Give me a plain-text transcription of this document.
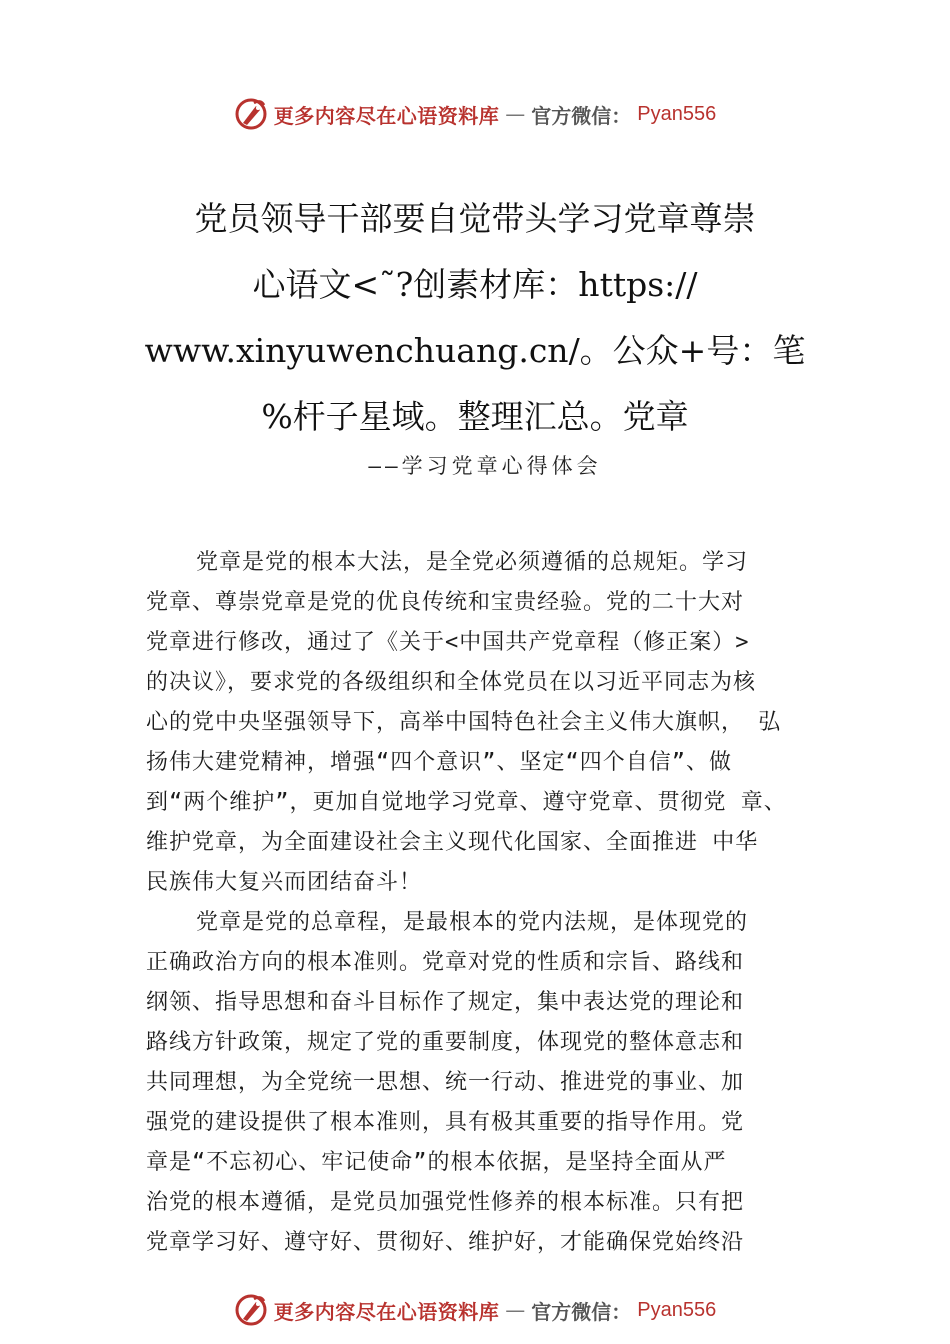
更多内容尽在心语资料库 — 官方微信： Pyan556
党员领导干部要自觉带头学习党章尊崇
心语文<˜?创素材库：https://
www.xinyuwenchuang.cn/。公众+号：笔
%杆子星域。整理汇总。党章
——学习党章心得体会
党章是党的根本大法，是全党必须遵循的总规矩。学习
党章、尊崇党章是党的优良传统和宝贵经验。党的二十大对
党章进行修改，通过了《关于<中国共产党章程（修正案）>
的决议》，要求党的各级组织和全体党员在以习近平同志为核
心的党中央坚强领导下，高举中国特色社会主义伟大旗帜， 弘
扬伟大建党精神，增强“四个意识”、坚定“四个自信”、做
到“两个维护”，更加自觉地学习党章、遵守党章、贯彻党 章、
维护党章，为全面建设社会主义现代化国家、全面推进 中华
民族伟大复兴而团结奋斗！
党章是党的总章程，是最根本的党内法规，是体现党的
正确政治方向的根本准则。党章对党的性质和宗旨、路线和
纲领、指导思想和奋斗目标作了规定，集中表达党的理论和
路线方针政策，规定了党的重要制度，体现党的整体意志和
共同理想，为全党统一思想、统一行动、推进党的事业、加
强党的建设提供了根本准则，具有极其重要的指导作用。党
章是“不忘初心、牢记使命”的根本依据，是坚持全面从严
治党的根本遵循，是党员加强党性修养的根本标准。只有把
党章学习好、遵守好、贯彻好、维护好，才能确保党始终沿
更多内容尽在心语资料库 — 官方微信： Pyan556
